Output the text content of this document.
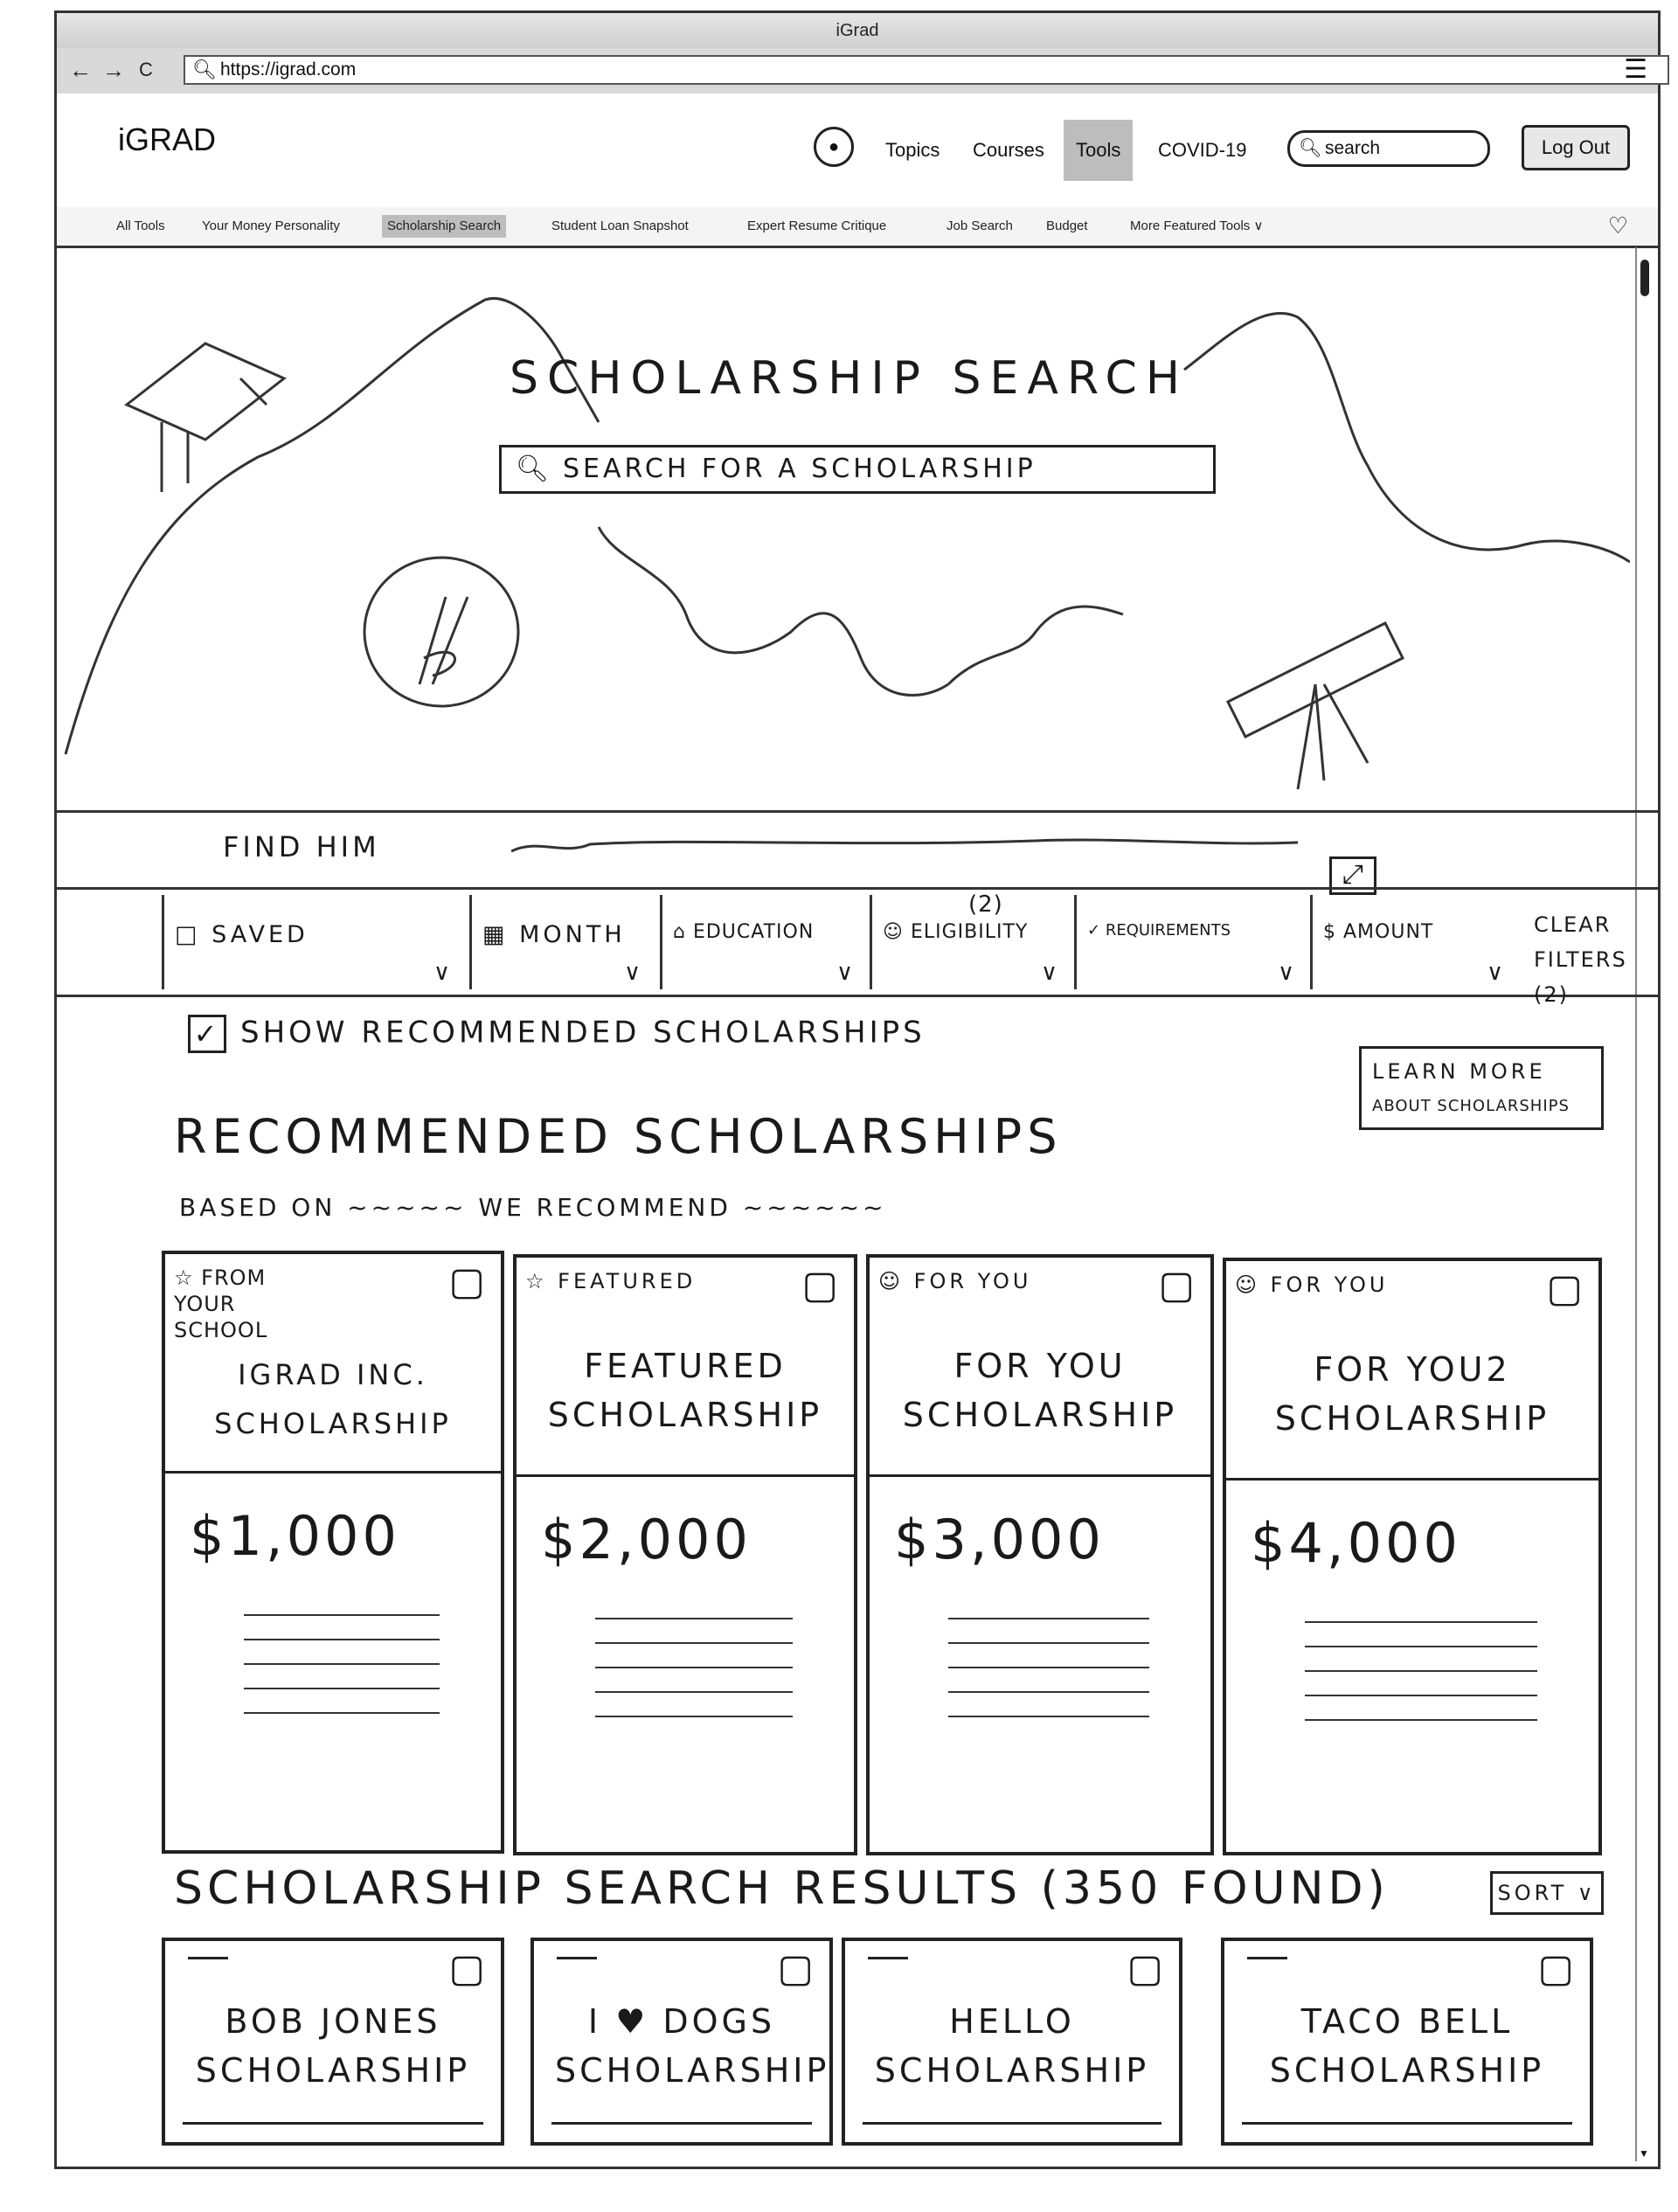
iGrad
← → C 🔍︎ https://igrad.com	☰
iGRAD	●	Topics	Courses	Tools	COVID-19	🔍︎ search	Log Out
All Tools	Your Money Personality	Scholarship Search	Student Loan Snapshot	Expert Resume Critique	Job Search	Budget	More Featured Tools ∨	♡
▼
SCHOLARSHIP SEARCH
🔍︎ SEARCH FOR A SCHOLARSHIP
FIND HIM
⤢
□ SAVED
∨
▦ MONTH
∨
⌂ EDUCATION
∨
(2)
☺ ELIGIBILITY
∨
✓ REQUIREMENTS
∨
$ AMOUNT
∨
CLEAR
FILTERS (2)
✓ SHOW RECOMMENDED SCHOLARSHIPS
LEARN MORE
ABOUT SCHOLARSHIPS
RECOMMENDED SCHOLARSHIPS
BASED ON ~~~~~ WE RECOMMEND ~~~~~~
☆ FROM YOUR SCHOOL
▢
IGRAD INC. SCHOLARSHIP
$1,000
☆ FEATURED	▢
FEATURED SCHOLARSHIP
$2,000
☺ FOR YOU	▢
FOR YOU SCHOLARSHIP
$3,000
☺ FOR YOU	▢
FOR YOU2 SCHOLARSHIP
$4,000
SCHOLARSHIP SEARCH RESULTS (350 FOUND)	SORT ∨
▢
BOB JONES SCHOLARSHIP
▢
I ♥ DOGS SCHOLARSHIP
▢
HELLO SCHOLARSHIP
▢
TACO BELL SCHOLARSHIP
